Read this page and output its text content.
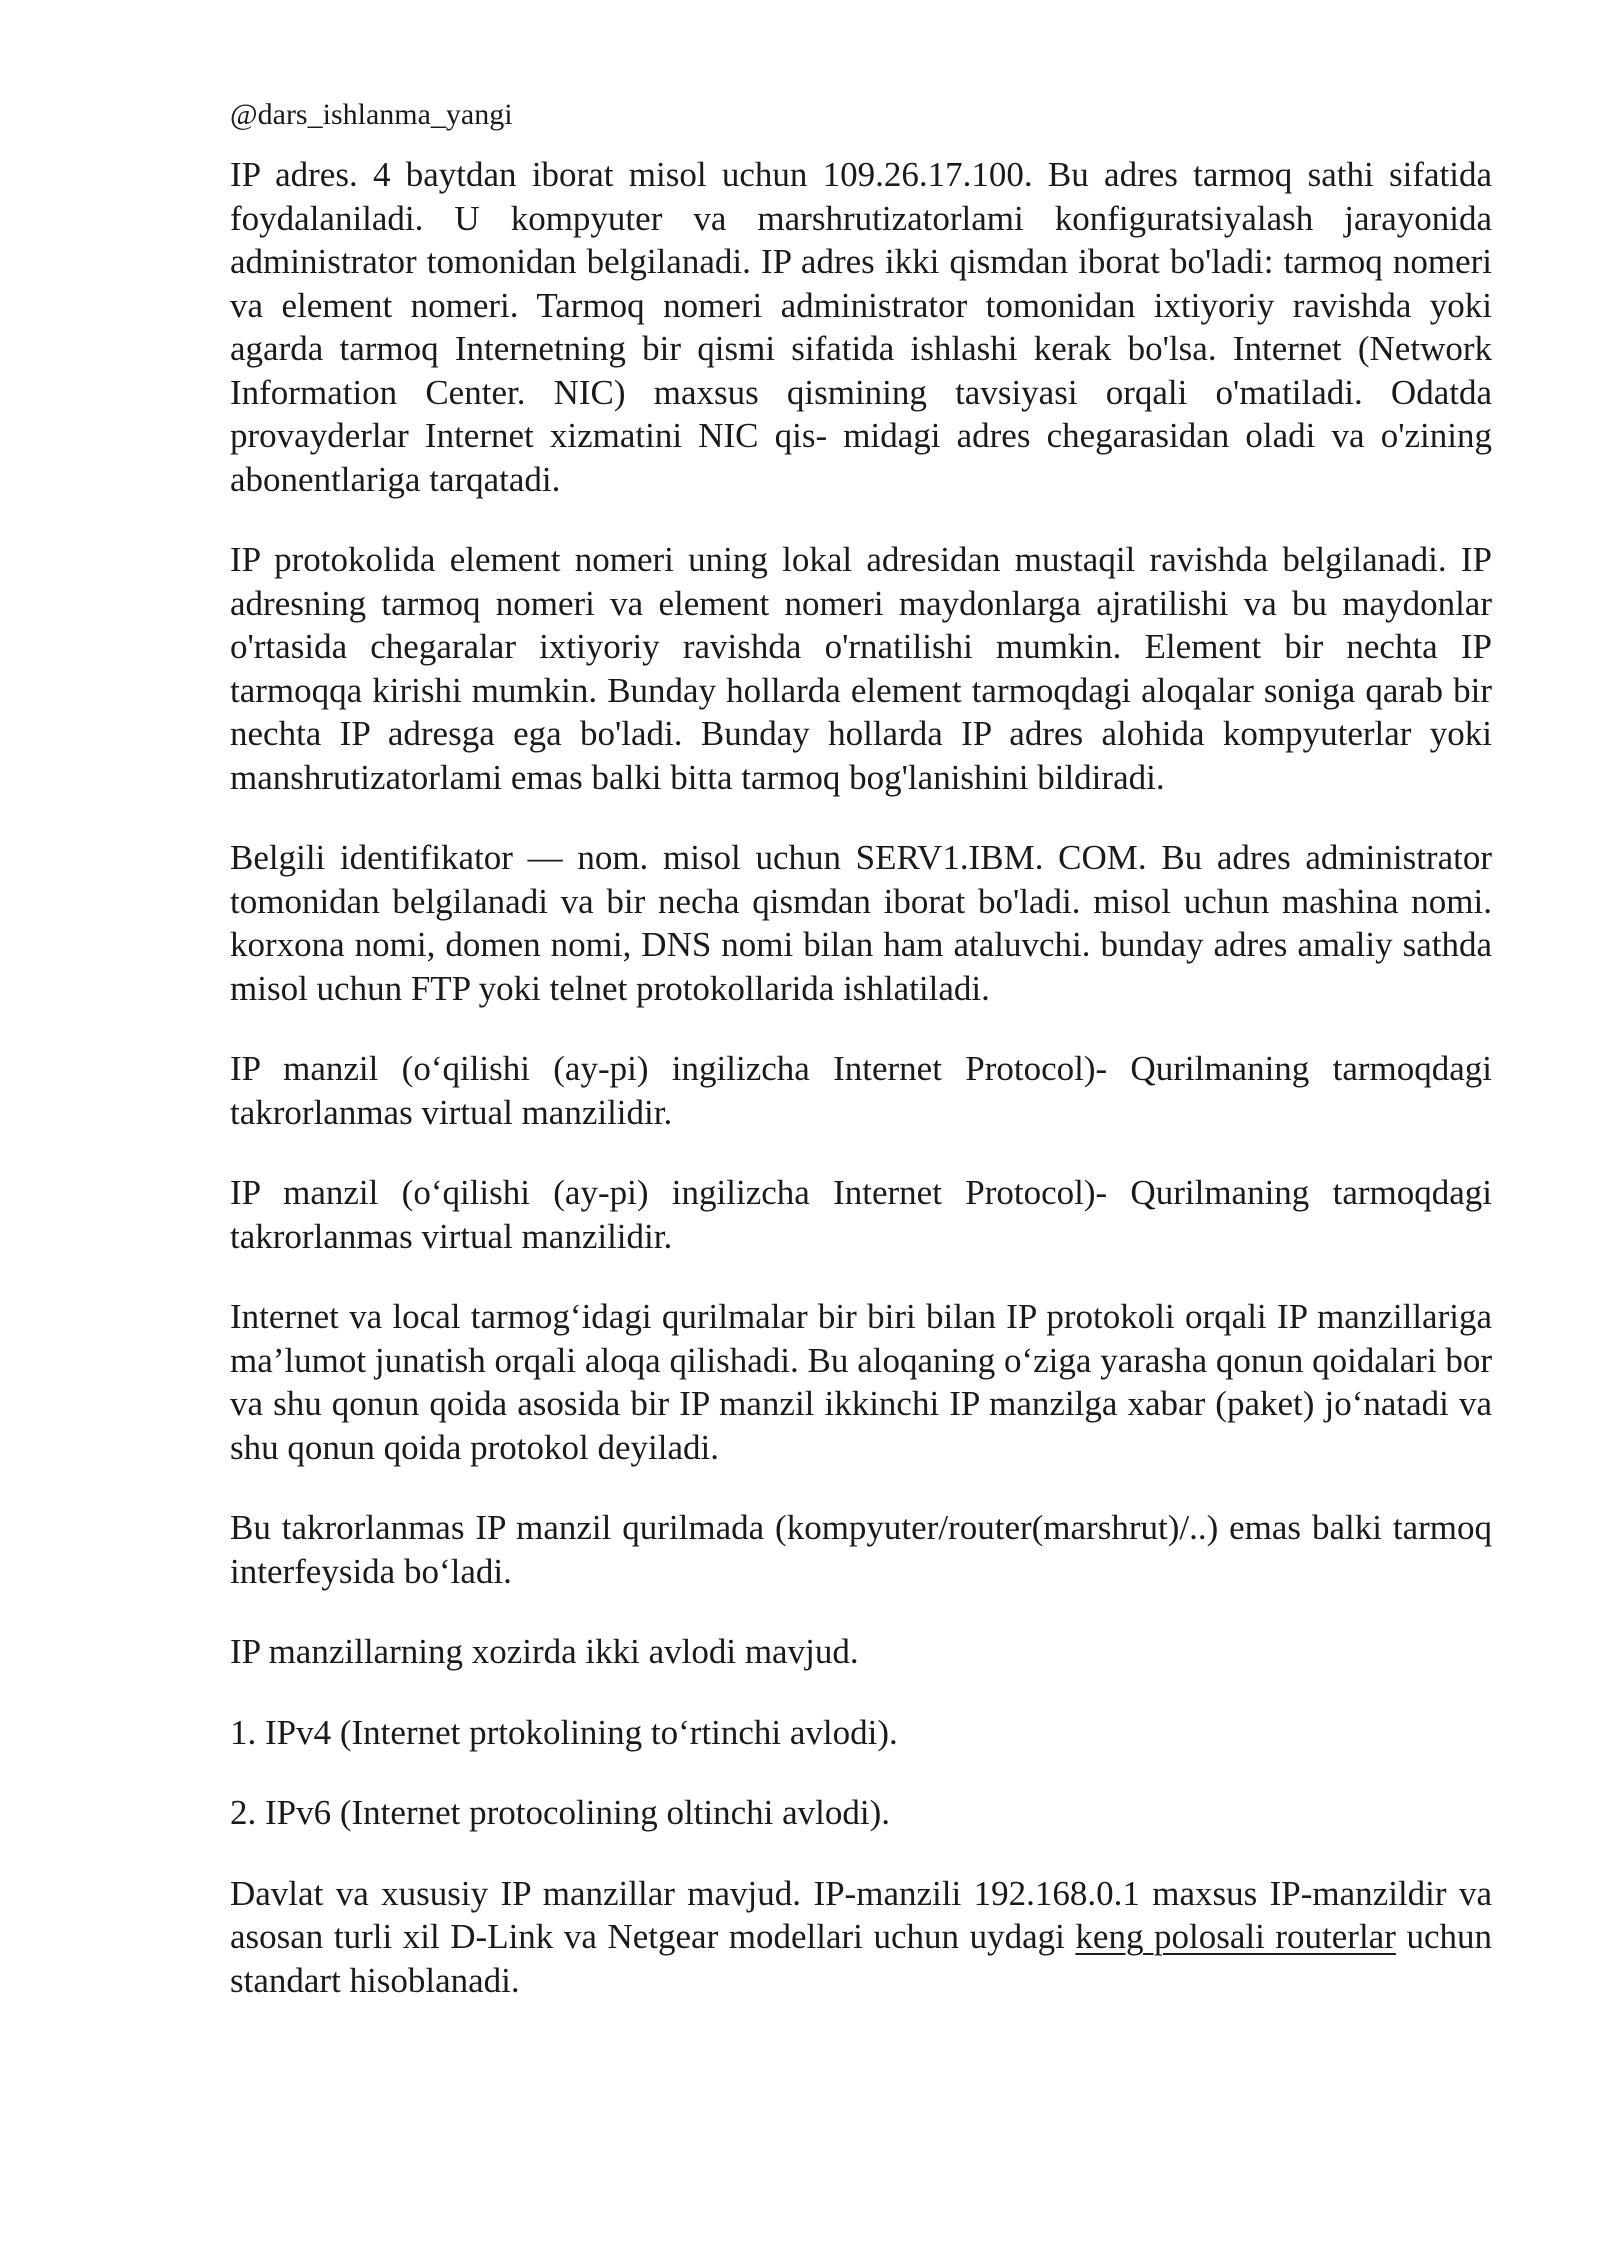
@dars_ishlanma_yangi

IP adres. 4 baytdan iborat misol uchun 109.26.17.100. Bu adres tarmoq sathi sifatida foydalaniladi. U kompyuter va marshrutizatorlami konfiguratsiyalash jarayonida administrator tomonidan belgilanadi. IP adres ikki qismdan iborat bo'ladi: tarmoq nomeri va element nomeri. Tarmoq nomeri administrator tomonidan ixtiyoriy ravishda yoki agarda tarmoq Internetning bir qismi sifatida ishlashi kerak bo'lsa. Internet (Network Information Center. NIC) maxsus qismining tavsiyasi orqali o'matiladi. Odatda provayderlar Internet xizmatini NIC qis- midagi adres chegarasidan oladi va o'zining abonentlariga tarqatadi.

IP protokolida element nomeri uning lokal adresidan mustaqil ravishda belgilanadi. IP adresning tarmoq nomeri va element nomeri maydonlarga ajratilishi va bu maydonlar o'rtasida chegaralar ixtiyoriy ravishda o'rnatilishi mumkin. Element bir nechta IP tarmoqqa kirishi mumkin. Bunday hollarda element tarmoqdagi aloqalar soniga qarab bir nechta IP adresga ega bo'ladi. Bunday hollarda IP adres alohida kompyuterlar yoki manshrutizatorlami emas balki bitta tarmoq bog'lanishini bildiradi.

Belgili identifikator — nom. misol uchun SERV1.IBM. COM. Bu adres administrator tomonidan belgilanadi va bir necha qismdan iborat bo'ladi. misol uchun mashina nomi. korxona nomi, domen nomi, DNS nomi bilan ham ataluvchi. bunday adres amaliy sathda misol uchun FTP yoki telnet protokollarida ishlatiladi.

IP manzil (o‘qilishi (ay-pi) ingilizcha Internet Protocol)- Qurilmaning tarmoqdagi takrorlanmas virtual manzilidir.

IP manzil (o‘qilishi (ay-pi) ingilizcha Internet Protocol)- Qurilmaning tarmoqdagi takrorlanmas virtual manzilidir.

Internet va local tarmog‘idagi qurilmalar bir biri bilan IP protokoli orqali IP manzillariga ma’lumot junatish orqali aloqa qilishadi. Bu aloqaning o‘ziga yarasha qonun qoidalari bor va shu qonun qoida asosida bir IP manzil ikkinchi IP manzilga xabar (paket) jo‘natadi va shu qonun qoida protokol deyiladi.

Bu takrorlanmas IP manzil qurilmada (kompyuter/router(marshrut)/..) emas balki tarmoq interfeysida bo‘ladi.

IP manzillarning xozirda ikki avlodi mavjud.

1. IPv4 (Internet prtokolining to‘rtinchi avlodi).

2. IPv6 (Internet protocolining oltinchi avlodi).

Davlat va xususiy IP manzillar mavjud. IP-manzili 192.168.0.1 maxsus IP-manzildir va asosan turli xil D-Link va Netgear modellari uchun uydagi keng polosali routerlar uchun standart hisoblanadi.
